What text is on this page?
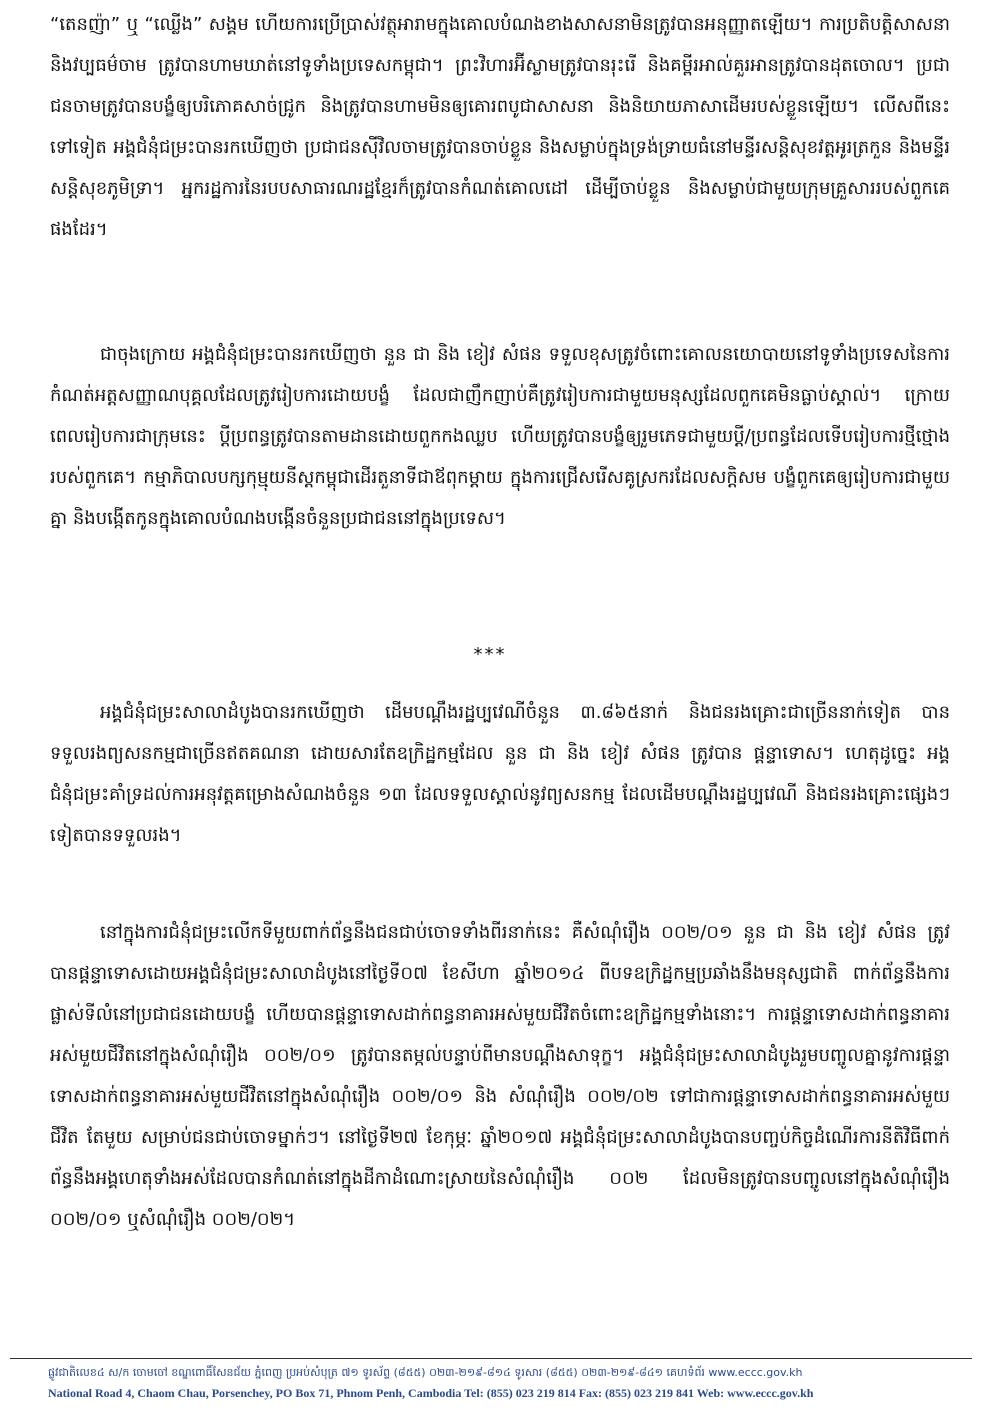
“តេនញ៉ា” ឬ “ឈ្លើង” សង្គម ហើយការប្រើប្រាស់វត្ថុអារាមក្នុងគោលបំណងខាងសាសនាមិនត្រូវបានអនុញ្ញាតឡើយ។ ការប្រតិបត្តិសាសនា និងវប្បធម៌ចាម ត្រូវបានហាមឃាត់នៅទូទាំងប្រទេសកម្ពុជា។ ព្រះវិហារអ៊ីស្លាមត្រូវបានរុះរើ និងគម្ពីរអាល់គួរអានត្រូវបានដុតចោល។ ប្រជាជនចាមត្រូវបានបង្ខំឲ្យបរិភោគសាច់ជ្រូក និងត្រូវបានហាមមិនឲ្យគោរពបូជាសាសនា និងនិយាយភាសាដើមរបស់ខ្លួនឡើយ។ លើសពីនេះទៅទៀត អង្គជំនុំជម្រះបានរកឃើញថា ប្រជាជនស៊ីវិលចាមត្រូវបានចាប់ខ្លួន និងសម្លាប់ក្នុងទ្រង់ទ្រាយធំនៅមន្ទីរសន្តិសុខវត្តអូរត្រកួន និងមន្ទីរសន្តិសុខភូមិទ្រា។ អ្នករដ្ឋការនៃរបបសាធារណរដ្ឋខ្មែរក៏ត្រូវបានកំណត់គោលដៅ ដើម្បីចាប់ខ្លួន និងសម្លាប់ជាមួយក្រុមគ្រួសាររបស់ពួកគេផងដែរ។

ជាចុងក្រោយ អង្គជំនុំជម្រះបានរកឃើញថា នួន ជា និង ខៀវ សំផន ទទួលខុសត្រូវចំពោះគោលនយោបាយនៅទូទាំងប្រទេសនៃការកំណត់អត្តសញ្ញាណបុគ្គលដែលត្រូវរៀបការដោយបង្ខំ ដែលជាញឹកញាប់គឺត្រូវរៀបការជាមួយមនុស្សដែលពួកគេមិនធ្លាប់ស្គាល់។ ក្រោយពេលរៀបការជាក្រុមនេះ ប្ដីប្រពន្ធត្រូវបានតាមដានដោយពួកកងឈ្លប ហើយត្រូវបានបង្ខំឲ្យរួមភេទជាមួយប្ដី/ប្រពន្ធដែលទើបរៀបការថ្មីថ្មោងរបស់ពួកគេ។ កម្មាភិបាលបក្សកុម្មុយនីស្តកម្ពុជាដើរតួនាទីជាឪពុកម្តាយ ក្នុងការជ្រើសរើសគូស្រករដែលសក្តិសម បង្ខំពួកគេឲ្យរៀបការជាមួយគ្នា និងបង្កើតកូនក្នុងគោលបំណងបង្កើនចំនួនប្រជាជននៅក្នុងប្រទេស។

***

អង្គជំនុំជម្រះសាលាដំបូងបានរកឃើញថា ដើមបណ្តឹងរដ្ឋប្បវេណីចំនួន ៣.៨៦៥នាក់ និងជនរងគ្រោះជាច្រើននាក់ទៀត បានទទួលរងព្យសនកម្មជាច្រើនឥតគណនា ដោយសារតែឧក្រិដ្ឋកម្មដែល នួន ជា និង ខៀវ សំផន ត្រូវបាន ផ្តន្ទាទោស។ ហេតុដូច្នេះ អង្គជំនុំជម្រះគាំទ្រដល់ការអនុវត្តគម្រោងសំណងចំនួន ១៣ ដែលទទួលស្គាល់នូវព្យសនកម្ម ដែលដើមបណ្តឹងរដ្ឋប្បវេណី និងជនរងគ្រោះផ្សេងៗទៀតបានទទួលរង។

នៅក្នុងការជំនុំជម្រះលើកទីមួយពាក់ព័ន្ធនឹងជនជាប់ចោទទាំងពីរនាក់នេះ គឺសំណុំរឿង ០០២/០១ នួន ជា និង ខៀវ សំផន ត្រូវបានផ្តន្ទាទោសដោយអង្គជំនុំជម្រះសាលាដំបូងនៅថ្ងៃទី០៧ ខែសីហា ឆ្នាំ២០១៤ ពីបទឧក្រិដ្ឋកម្មប្រឆាំងនឹងមនុស្សជាតិ ពាក់ព័ន្ធនឹងការផ្លាស់ទីលំនៅប្រជាជនដោយបង្ខំ ហើយបានផ្តន្ទាទោសដាក់ពន្ធនាគារអស់មួយជីវិតចំពោះឧក្រិដ្ឋកម្មទាំងនោះ។ ការផ្តន្ទាទោសដាក់ពន្ធនាគារអស់មួយជីវិតនៅក្នុងសំណុំរឿង ០០២/០១ ត្រូវបានតម្កល់បន្ទាប់ពីមានបណ្តឹងសាទុក្ខ។ អង្គជំនុំជម្រះសាលាដំបូងរួមបញ្ចូលគ្នានូវការផ្តន្ទាទោសដាក់ពន្ធនាគារអស់មួយជីវិតនៅក្នុងសំណុំរឿង ០០២/០១ និង សំណុំរឿង ០០២/០២ ទៅជាការផ្តន្ទាទោសដាក់ពន្ធនាគារអស់មួយជីវិត តែមួយ សម្រាប់ជនជាប់ចោទម្នាក់ៗ។ នៅថ្ងៃទី២៧ ខែកុម្ភៈ ឆ្នាំ២០១៧ អង្គជំនុំជម្រះសាលាដំបូងបានបញ្ចប់កិច្ចដំណើរការនីតិវិធីពាក់ព័ន្ធនឹងអង្គហេតុទាំងអស់ដែលបានកំណត់នៅក្នុងដីកាដំណោះស្រាយនៃសំណុំរឿង ០០២ ដែលមិនត្រូវបានបញ្ចូលនៅក្នុងសំណុំរឿង ០០២/០១ ឬសំណុំរឿង ០០២/០២។

ផ្លូវជាតិលេខ៤ ស/ក ចោមចៅ ខណ្ឌពោធិ៍សែនជ័យ ភ្នំពេញ ប្រអប់សំបុត្រ ៧១ ទូរស័ព្ទ (៨៥៥) ០២៣-២១៩-៨១៤ ទូរសារ (៨៥៥) ០២៣-២១៩-៨៤១ គេហទំព័រ www.eccc.gov.kh
National Road 4, Chaom Chau, Porsenchey, PO Box 71, Phnom Penh, Cambodia Tel: (855) 023 219 814 Fax: (855) 023 219 841 Web: www.eccc.gov.kh
